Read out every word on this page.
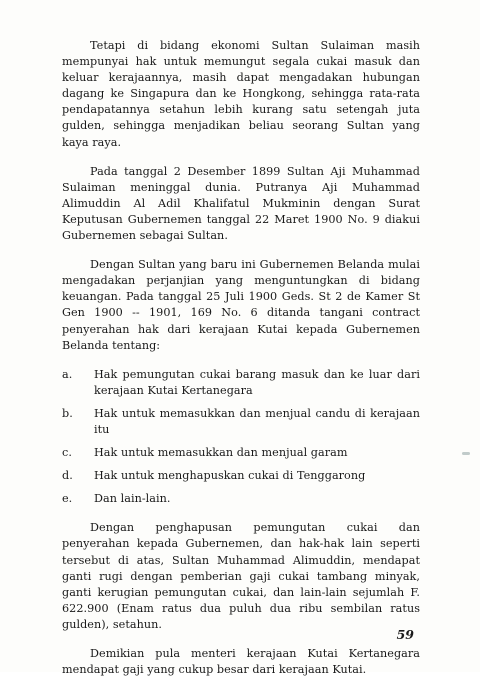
Tetapi di bidang ekonomi Sultan Sulaiman masih mempunyai hak untuk memungut segala cukai masuk dan keluar kerajaannya, masih dapat mengadakan hubungan dagang ke Singapura dan ke Hongkong, sehingga rata-rata pendapatannya setahun lebih kurang satu setengah juta gulden, sehingga menjadikan beliau seorang Sultan yang kaya raya.

Pada tanggal 2 Desember 1899 Sultan Aji Muhammad Sulaiman meninggal dunia. Putranya Aji Muhammad Alimuddin Al Adil Khalifatul Mukminin dengan Surat Keputusan Gubernemen tanggal 22 Maret 1900 No. 9 diakui Gubernemen sebagai Sultan.

Dengan Sultan yang baru ini Gubernemen Belanda mulai mengadakan perjanjian yang menguntungkan di bidang keuangan. Pada tanggal 25 Juli 1900 Geds. St 2 de Kamer St Gen 1900 -- 1901, 169 No. 6 ditanda tangani contract penyerahan hak dari kerajaan Kutai kepada Gubernemen Belanda tentang:

a.	Hak pemungutan cukai barang masuk dan ke luar dari kerajaan Kutai Kertanegara
b.	Hak untuk memasukkan dan menjual candu di kerajaan itu
c.	Hak untuk memasukkan dan menjual garam
d.	Hak untuk menghapuskan cukai di Tenggarong
e.	Dan lain-lain.

Dengan penghapusan pemungutan cukai dan penyerahan kepada Gubernemen, dan hak-hak lain seperti tersebut di atas, Sultan Muhammad Alimuddin, mendapat ganti rugi dengan pemberian gaji cukai tambang minyak, ganti kerugian pemungutan cukai, dan lain-lain sejumlah F. 622.900 (Enam ratus dua puluh dua ribu sembilan ratus gulden), setahun.

Demikian pula menteri kerajaan Kutai Kertanegara mendapat gaji yang cukup besar dari kerajaan Kutai.

59
